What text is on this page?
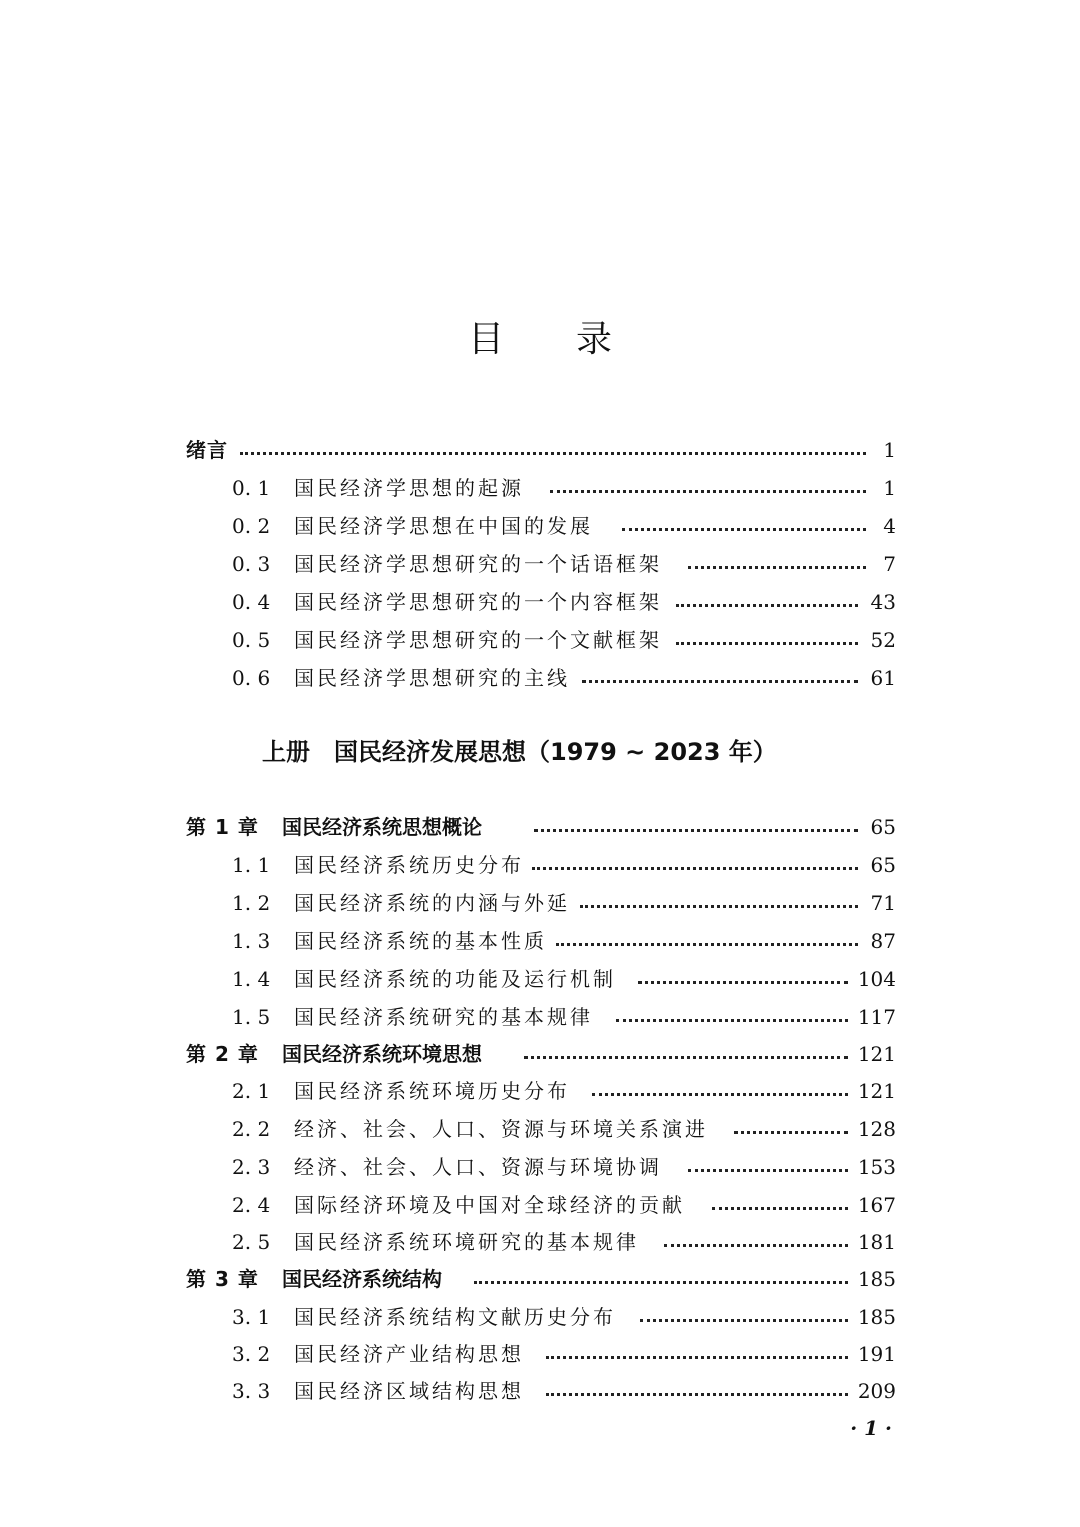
目 录
绪言	1
0. 1 国民经济学思想的起源	1
0. 2 国民经济学思想在中国的发展	4
0. 3 国民经济学思想研究的一个话语框架	7
0. 4 国民经济学思想研究的一个内容框架	43
0. 5 国民经济学思想研究的一个文献框架	52
0. 6 国民经济学思想研究的主线	61
上册 国民经济发展思想（1979 ~ 2023 年）
第 1 章 国民经济系统思想概论	65
1. 1 国民经济系统历史分布	65
1. 2 国民经济系统的内涵与外延	71
1. 3 国民经济系统的基本性质	87
1. 4 国民经济系统的功能及运行机制	104
1. 5 国民经济系统研究的基本规律	117
第 2 章 国民经济系统环境思想	121
2. 1 国民经济系统环境历史分布	121
2. 2 经济、社会、人口、资源与环境关系演进	128
2. 3 经济、社会、人口、资源与环境协调	153
2. 4 国际经济环境及中国对全球经济的贡献	167
2. 5 国民经济系统环境研究的基本规律	181
第 3 章 国民经济系统结构	185
3. 1 国民经济系统结构文献历史分布	185
3. 2 国民经济产业结构思想	191
3. 3 国民经济区域结构思想	209
· 1 ·
